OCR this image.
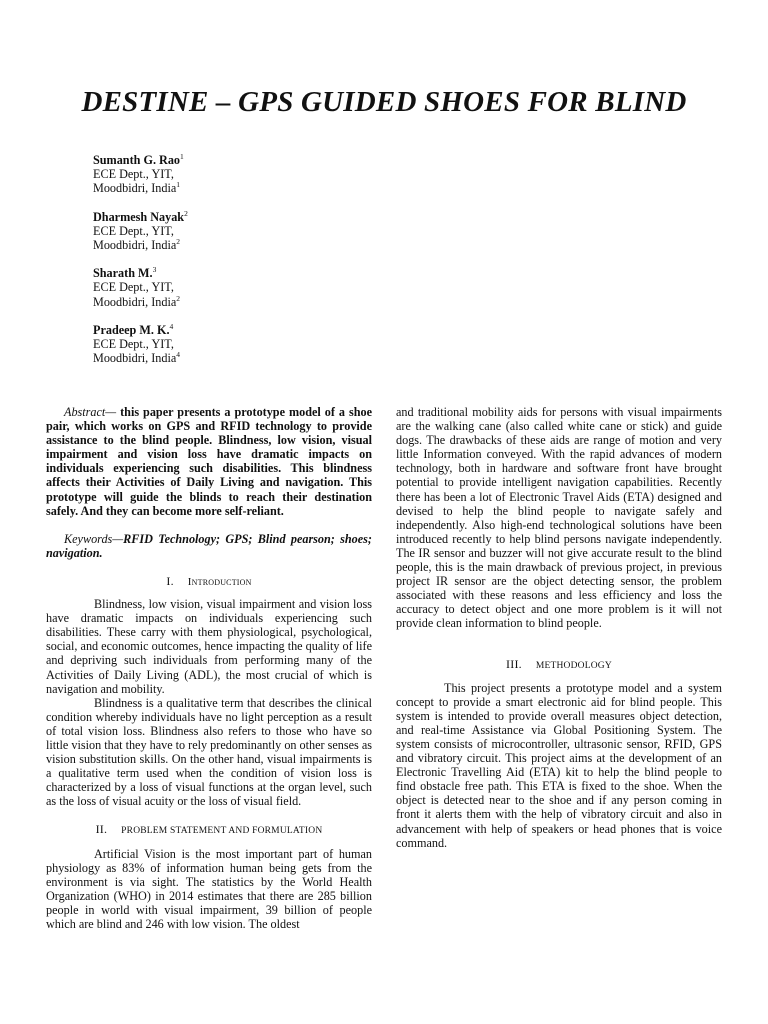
DESTINE – GPS GUIDED SHOES FOR BLIND
Sumanth G. Rao$^1$
ECE Dept., YIT,
Moodbidri, India$^1$
Dharmesh Nayak$^2$
ECE Dept., YIT,
Moodbidri, India$^2$
Sharath M.$^3$
ECE Dept., YIT,
Moodbidri, India$^2$
Pradeep M. K.$^4$
ECE Dept., YIT,
Moodbidri, India$^4$

Abstract— this paper presents a prototype model of a shoe pair, which works on GPS and RFID technology to provide assistance to the blind people. Blindness, low vision, visual impairment and vision loss have dramatic impacts on individuals experiencing such disabilities. This blindness affects their Activities of Daily Living and navigation. This prototype will guide the blinds to reach their destination safely. And they can become more self-reliant.

Keywords—RFID Technology; GPS; Blind pearson; shoes; navigation.

I. Introduction

Blindness, low vision, visual impairment and vision loss have dramatic impacts on individuals experiencing such disabilities. These carry with them physiological, psychological, social, and economic outcomes, hence impacting the quality of life and depriving such individuals from performing many of the Activities of Daily Living (ADL), the most crucial of which is navigation and mobility.

Blindness is a qualitative term that describes the clinical condition whereby individuals have no light perception as a result of total vision loss. Blindness also refers to those who have so little vision that they have to rely predominantly on other senses as vision substitution skills. On the other hand, visual impairments is a qualitative term used when the condition of vision loss is characterized by a loss of visual functions at the organ level, such as the loss of visual acuity or the loss of visual field.

II. PROBLEM STATEMENT AND FORMULATION

Artificial Vision is the most important part of human physiology as 83% of information human being gets from the environment is via sight. The statistics by the World Health Organization (WHO) in 2014 estimates that there are 285 billion people in world with visual impairment, 39 billion of people which are blind and 246 with low vision. The oldest

and traditional mobility aids for persons with visual impairments are the walking cane (also called white cane or stick) and guide dogs. The drawbacks of these aids are range of motion and very little Information conveyed. With the rapid advances of modern technology, both in hardware and software front have brought potential to provide intelligent navigation capabilities. Recently there has been a lot of Electronic Travel Aids (ETA) designed and devised to help the blind people to navigate safely and independently. Also high-end technological solutions have been introduced recently to help blind persons navigate independently. The IR sensor and buzzer will not give accurate result to the blind people, this is the main drawback of previous project, in previous project IR sensor are the object detecting sensor, the problem associated with these reasons and less efficiency and loss the accuracy to detect object and one more problem is it will not provide clean information to blind people.

III. METHODOLOGY

This project presents a prototype model and a system concept to provide a smart electronic aid for blind people. This system is intended to provide overall measures object detection, and real-time Assistance via Global Positioning System. The system consists of microcontroller, ultrasonic sensor, RFID, GPS and vibratory circuit. This project aims at the development of an Electronic Travelling Aid (ETA) kit to help the blind people to find obstacle free path. This ETA is fixed to the shoe. When the object is detected near to the shoe and if any person coming in front it alerts them with the help of vibratory circuit and also in advancement with help of speakers or head phones that is voice command.
